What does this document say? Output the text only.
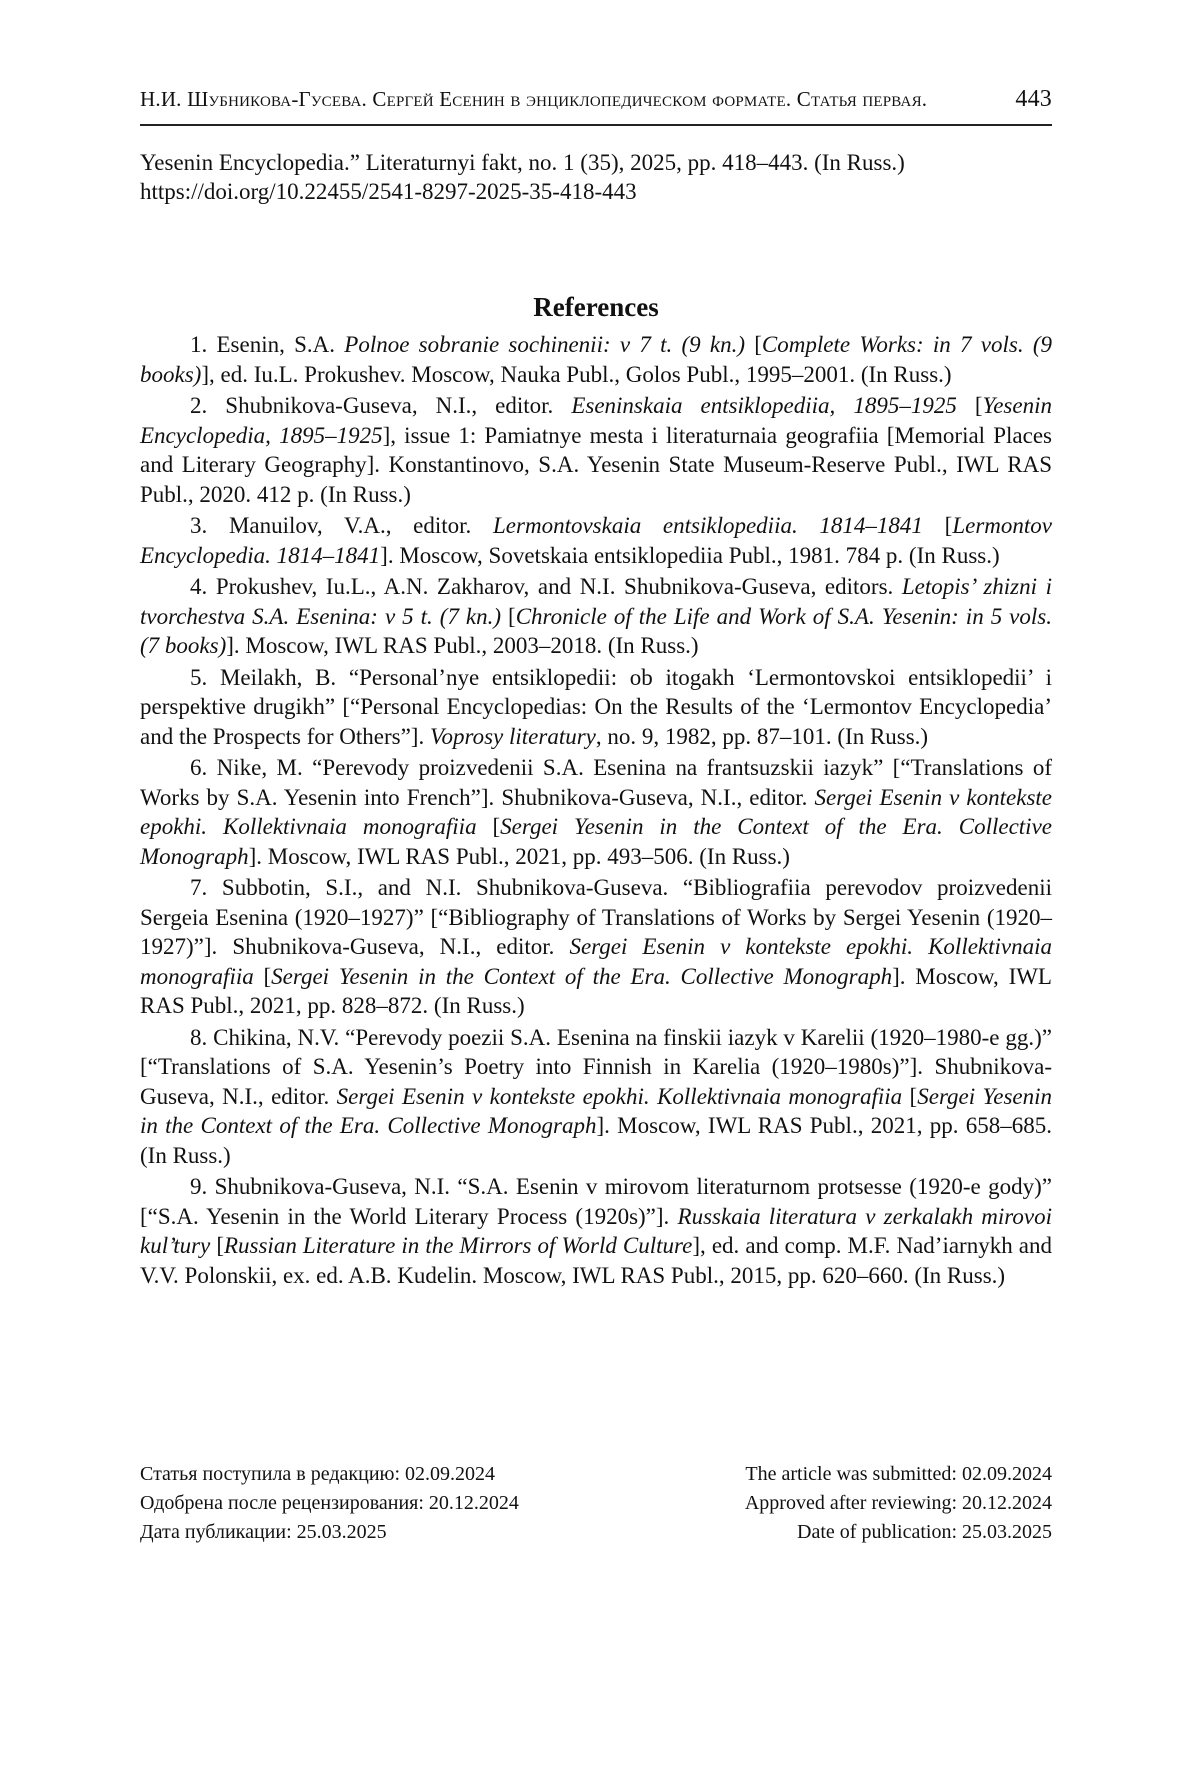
Н.И. Шубникова-Гусева. Сергей Есенин в энциклопедическом формате. Статья первая.	443
Yesenin Encyclopedia.” Literaturnyi fakt, no. 1 (35), 2025, pp. 418–443. (In Russ.)
https://doi.org/10.22455/2541-8297-2025-35-418-443
References

1. Esenin, S.A. Polnoe sobranie sochinenii: v 7 t. (9 kn.) [Complete Works: in 7 vols. (9 books)], ed. Iu.L. Prokushev. Moscow, Nauka Publ., Golos Publ., 1995–2001. (In Russ.)

2. Shubnikova-Guseva, N.I., editor. Eseninskaia entsiklopediia, 1895–1925 [Yesenin Encyclopedia, 1895–1925], issue 1: Pamiatnye mesta i literaturnaia geografiia [Memorial Places and Literary Geography]. Konstantinovo, S.A. Yesenin State Museum-Reserve Publ., IWL RAS Publ., 2020. 412 p. (In Russ.)

3. Manuilov, V.A., editor. Lermontovskaia entsiklopediia. 1814–1841 [Lermontov Encyclopedia. 1814–1841]. Moscow, Sovetskaia entsiklopediia Publ., 1981. 784 p. (In Russ.)

4. Prokushev, Iu.L., A.N. Zakharov, and N.I. Shubnikova-Guseva, editors. Letopis’ zhizni i tvorchestva S.A. Esenina: v 5 t. (7 kn.) [Chronicle of the Life and Work of S.A. Yesenin: in 5 vols. (7 books)]. Moscow, IWL RAS Publ., 2003–2018. (In Russ.)

5. Meilakh, B. “Personal’nye entsiklopedii: ob itogakh ‘Lermontovskoi entsiklopedii’ i perspektive drugikh” [“Personal Encyclopedias: On the Results of the ‘Lermontov Encyclopedia’ and the Prospects for Others”]. Voprosy literatury, no. 9, 1982, pp. 87–101. (In Russ.)

6. Nike, M. “Perevody proizvedenii S.A. Esenina na frantsuzskii iazyk” [“Translations of Works by S.A. Yesenin into French”]. Shubnikova-Guseva, N.I., editor. Sergei Esenin v kontekste epokhi. Kollektivnaia monografiia [Sergei Yesenin in the Context of the Era. Collective Monograph]. Moscow, IWL RAS Publ., 2021, pp. 493–506. (In Russ.)

7. Subbotin, S.I., and N.I. Shubnikova-Guseva. “Bibliografiia perevodov proizvedenii Sergeia Esenina (1920–1927)” [“Bibliography of Translations of Works by Sergei Yesenin (1920–1927)”]. Shubnikova-Guseva, N.I., editor. Sergei Esenin v kontekste epokhi. Kollektivnaia monografiia [Sergei Yesenin in the Context of the Era. Collective Monograph]. Moscow, IWL RAS Publ., 2021, pp. 828–872. (In Russ.)

8. Chikina, N.V. “Perevody poezii S.A. Esenina na finskii iazyk v Karelii (1920–1980-e gg.)” [“Translations of S.A. Yesenin’s Poetry into Finnish in Karelia (1920–1980s)”]. Shubnikova-Guseva, N.I., editor. Sergei Esenin v kontekste epokhi. Kollektivnaia monografiia [Sergei Yesenin in the Context of the Era. Collective Monograph]. Moscow, IWL RAS Publ., 2021, pp. 658–685. (In Russ.)

9. Shubnikova-Guseva, N.I. “S.A. Esenin v mirovom literaturnom protsesse (1920-e gody)” [“S.A. Yesenin in the World Literary Process (1920s)”]. Russkaia literatura v zerkalakh mirovoi kul’tury [Russian Literature in the Mirrors of World Culture], ed. and comp. M.F. Nad’iarnykh and V.V. Polonskii, ex. ed. A.B. Kudelin. Moscow, IWL RAS Publ., 2015, pp. 620–660. (In Russ.)

Статья поступила в редакцию: 02.09.2024
Одобрена после рецензирования: 20.12.2024
Дата публикации: 25.03.2025
The article was submitted: 02.09.2024
Approved after reviewing: 20.12.2024
Date of publication: 25.03.2025
